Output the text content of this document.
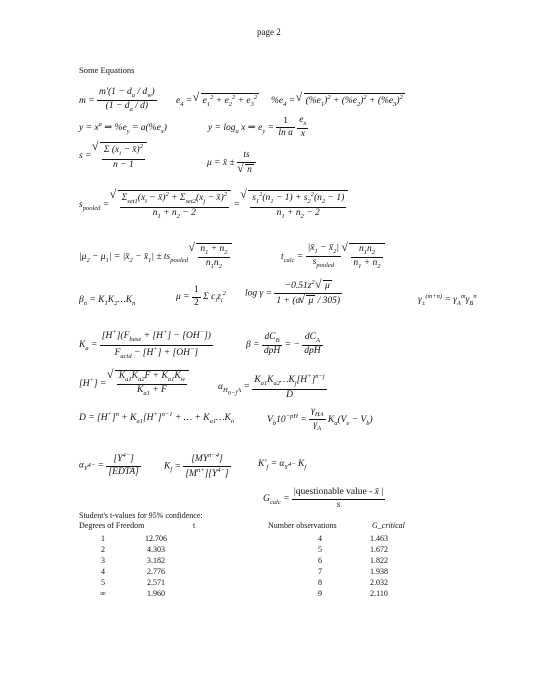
page 2
Some Equations
$m = \frac{m'(1 - d_a / d_w)}{(1 - d_a / d)} e_4$ = √ $e_1^2 + e_2^2 + e_3^2$ $\%e_4$ = √ $(\%e_1)^2 + (\%e_2)^2 + (\%e_3)^2$
$y = x^a$ ⇒ $\%e_y = a(\%e_x)$	$y = \log_a x$ ⇒ $e_y = \frac{1}{\text{ln a}}$
$\frac{e_x}{x}$
s = √ $\frac{\Sigma (x_i - x̄)^2}{n - 1}$	μ = x̄ ± ts
√ n
$s_{pooled}$ =
√ $\Sigma_{set1}(x_i$ − x̄)$^2$ + $\Sigma_{set2}(x_j$ − x̄)$^2$
$n_1 + n_2 - 2$
= √ $\frac{s_1^2(n_1 - 1) + s_2^2(n_2 - 1)}{n_1 + n_2 - 2}$
$|\mu_2 - \mu_1|$ = $|x̄_2$ − $x̄_1| \pm ts_{pooled}$ √ $\frac{n_1 + n_2}{n_1n_2}$	$t_{calc}$ =
$|x̄_1$ − $x̄_2|$
$s_{pooled}$
	√ $\frac{n_1n_2}{n_1 + n_2}$
$\beta_n$ = $K_1K_2\dots K_n$
$\mu = \frac{1}{2}$ Σ $c_iz_i^2$ $\log \gamma = \frac{-0.51z^2 √ \mu}{1 + (\alpha √ \mu / 305)}$	$\gamma_\pm^{(m+n)} = \gamma_A^m\gamma_B^n$
$K_a$ =
$[H^+](F_{base} + [H^+] - [OH^-])$
$F_{acid} - [H^+] + [OH^-]$
β =
$dC_B$
dpH
= −
$dC_A$
dpH
[H+] = √ $\frac{K_{a1}K_{a2}F + K_{a1}K_w}{K_{a1} + F}$	$\alpha_{H_{n-j}A} = \frac{K_{a1}K_{a2}\dots K_j[H^+]^{n-j}}{D}$
$D = [H^+]^n + K_{a1}[H^+]^{n-1}$ + … + $K_{a1}\dots K_n$	$V_b10^{-pH}$ =
$\gamma_{HA}$
$\gamma_A$
$K_a(V_e - V_b)$
$\alpha_{Y^{4-}}$ =
$[Y^{4-}]$
[EDTA]
$K_f$ =
$[MY^{n-4}]$
$[M^{n+}][Y^{4-}]$
$K'_f = \alpha_{Y^{4-}}$ $K_f$
$G_{calc}$ =
|questionable value - x̄ |
s
Student's t-values for 95% confidence:
Degrees of Freedom	t
1	12.706
2	4.303
3	3.182
4	2.776
5	2.571
∞	1.960
Number observations	G_critical
4	1.463
5	1.672
6	1.822
7	1.938
8	2.032
9	2.110
